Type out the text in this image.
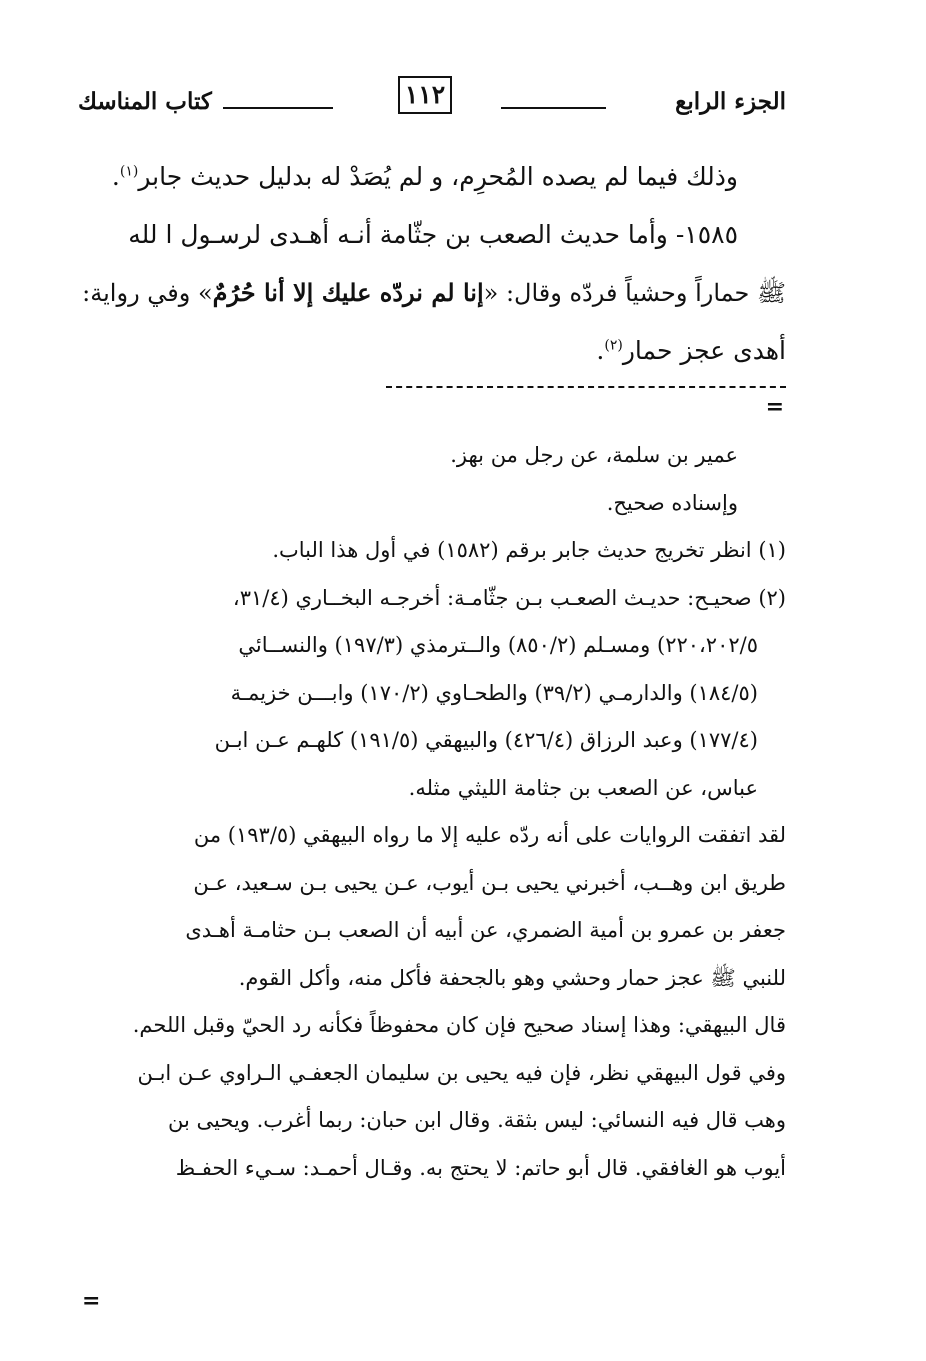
الجزء الرابع
١١٢
كتاب المناسك

وذلك فيما لم يصده المُحرِم، و لم يُصَدْ له بدليل حديث جابر$^{(١)}$.

١٥٨٥- وأما حديث الصعب بن جثّامة أنـه أهـدى لرسـول ا لله

ﷺ حماراً وحشياً فردّه وقال: «إنا لم نردّه عليك إلا أنا حُرُمٌ» وفي رواية:

أهدى عجز حمار$^{(٢)}$.

=

عمير بن سلمة، عن رجل من بهز.

وإسناده صحيح.

(١) انظر تخريج حديث جابر برقم (١٥٨٢) في أول هذا الباب.

(٢) صحيـح: حديـث الصعـب بـن جثّامـة: أخرجـه البخــاري (٣١/٤،

٢٢٠،٢٠٢/٥) ومسـلم (٨٥٠/٢) والــترمذي (١٩٧/٣) والنســائي

(١٨٤/٥) والدارمـي (٣٩/٢) والطحـاوي (١٧٠/٢) وابـــن خزيمـة

(١٧٧/٤) وعبد الرزاق (٤٢٦/٤) والبيهقي (١٩١/٥) كلهـم عـن ابـن

عباس، عن الصعب بن جثامة الليثي مثله.

لقد اتفقت الروايات على أنه ردّه عليه إلا ما رواه البيهقي (١٩٣/٥) من

طريق ابن وهــب، أخبرني يحيى بـن أيوب، عـن يحيى بـن سـعيد، عـن

جعفر بن عمرو بن أمية الضمري، عن أبيه أن الصعب بـن حثامـة أهـدى

للنبي ﷺ عجز حمار وحشي وهو بالجحفة فأكل منه، وأكل القوم.

قال البيهقي: وهذا إسناد صحيح فإن كان محفوظاً فكأنه رد الحيّ وقبل اللحم.

وفي قول البيهقي نظر، فإن فيه يحيى بن سليمان الجعفـي الـراوي عـن ابـن

وهب قال فيه النسائي: ليس بثقة. وقال ابن حبان: ربما أغرب. ويحيى بن

أيوب هو الغافقي. قال أبو حاتم: لا يحتج به. وقـال أحمـد: سـيء الحفـظ

=
